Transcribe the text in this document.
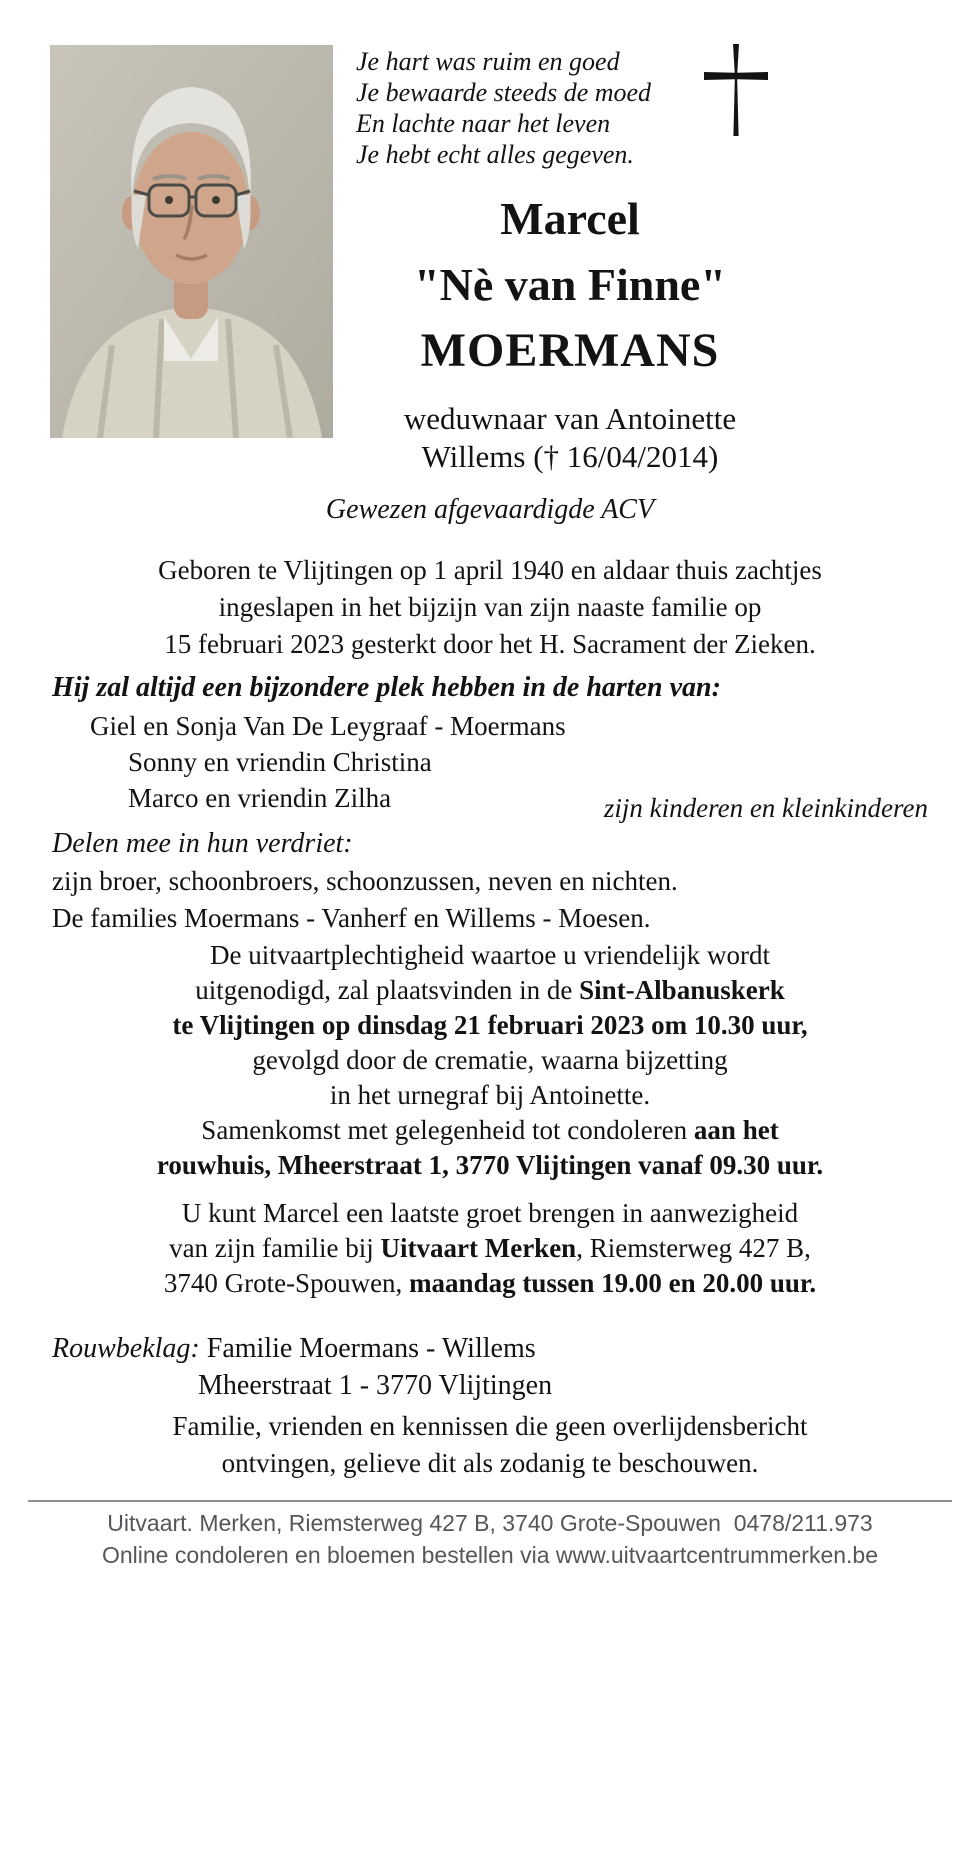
Je hart was ruim en goed
Je bewaarde steeds de moed
En lachte naar het leven
Je hebt echt alles gegeven.
Marcel
"Nè van Finne"
MOERMANS
weduwnaar van Antoinette
Willems († 16/04/2014)
Gewezen afgevaardigde ACV
Geboren te Vlijtingen op 1 april 1940 en aldaar thuis zachtjes
ingeslapen in het bijzijn van zijn naaste familie op
15 februari 2023 gesterkt door het H. Sacrament der Zieken.
Hij zal altijd een bijzondere plek hebben in de harten van:
Giel en Sonja Van De Leygraaf - Moermans
Sonny en vriendin Christina
Marco en vriendin Zilha	zijn kinderen en kleinkinderen
Delen mee in hun verdriet:
zijn broer, schoonbroers, schoonzussen, neven en nichten.
De families Moermans - Vanherf en Willems - Moesen.
De uitvaartplechtigheid waartoe u vriendelijk wordt
uitgenodigd, zal plaatsvinden in de Sint-Albanuskerk
te Vlijtingen op dinsdag 21 februari 2023 om 10.30 uur,
gevolgd door de crematie, waarna bijzetting
in het urnegraf bij Antoinette.
Samenkomst met gelegenheid tot condoleren aan het
rouwhuis, Mheerstraat 1, 3770 Vlijtingen vanaf 09.30 uur.
U kunt Marcel een laatste groet brengen in aanwezigheid
van zijn familie bij Uitvaart Merken, Riemsterweg 427 B,
3740 Grote-Spouwen, maandag tussen 19.00 en 20.00 uur.
Rouwbeklag: Familie Moermans - Willems
Mheerstraat 1 - 3770 Vlijtingen
Familie, vrienden en kennissen die geen overlijdensbericht
ontvingen, gelieve dit als zodanig te beschouwen.
Uitvaart. Merken, Riemsterweg 427 B, 3740 Grote-Spouwen  0478/211.973
Online condoleren en bloemen bestellen via www.uitvaartcentrummerken.be
